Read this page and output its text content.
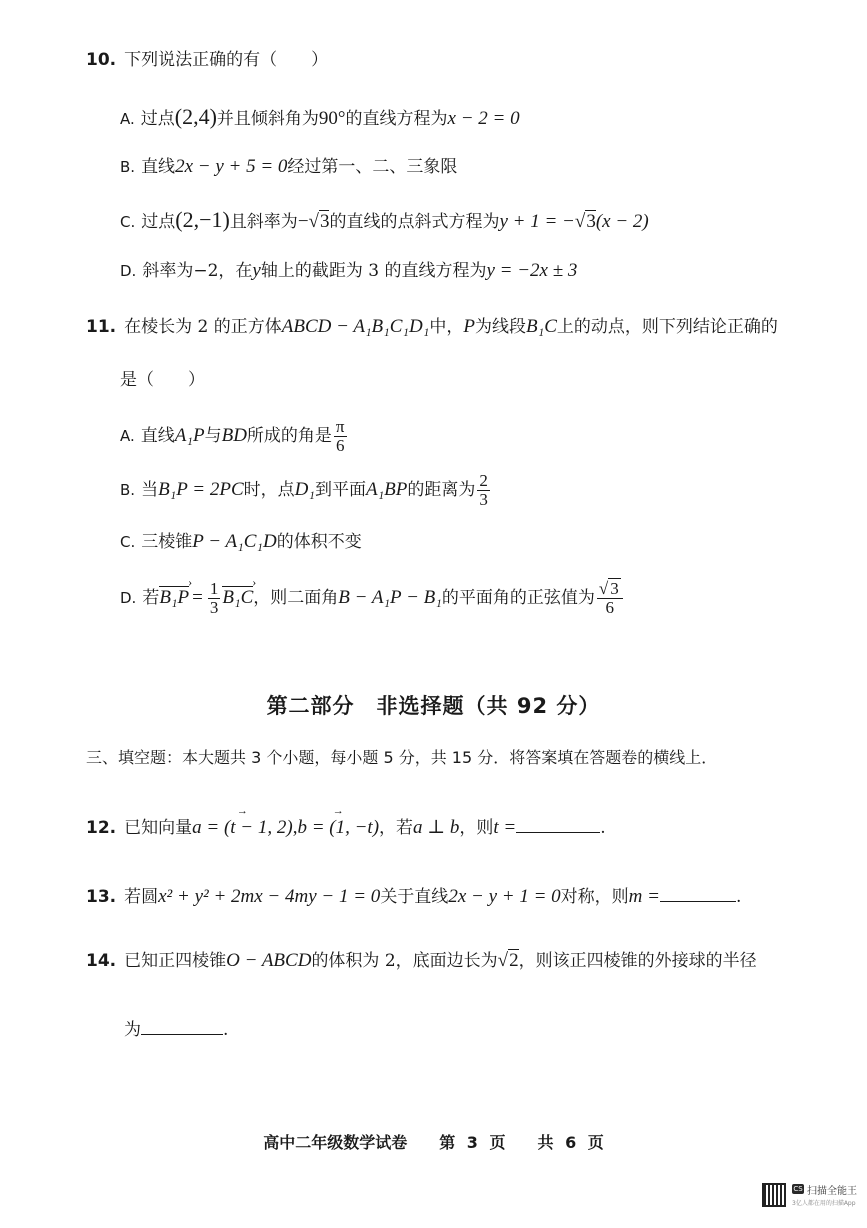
10. 下列说法正确的有（　　）
A. 过点(2,4)并且倾斜角为90°的直线方程为x − 2 = 0
B. 直线2x − y + 5 = 0经过第一、二、三象限
C. 过点(2,−1)且斜率为−√3的直线的点斜式方程为y + 1 = −√3(x − 2)
D. 斜率为−2，在y轴上的截距为 3 的直线方程为y = −2x ± 3
11. 在棱长为 2 的正方体ABCD − A₁B₁C₁D₁中，P为线段B₁C上的动点，则下列结论正确的
是（　　）
A. 直线A₁P与BD所成的角是 $\frac{\pi}{6}$
B. 当B₁P = 2PC时，点D₁到平面A₁BP的距离为 $\frac{2}{3}$
C. 三棱锥P − A₁C₁D的体积不变
D. 若B₁P › = $\frac{1}{3} B_1C$ ›，则二面角B − A₁P − B₁的平面角的正弦值为 $\frac{√ 3}{6}$
第二部分　非选择题（共 92 分）
三、填空题：本大题共 3 个小题，每小题 5 分，共 15 分．将答案填在答题卷的横线上．
12. 已知向量→ a = (t − 1, 2),→ b = (1, −t)，若a ⊥ b，则t =	.
13. 若圆x² + y² + 2mx − 4my − 1 = 0关于直线2x − y + 1 = 0对称，则m =	.
14. 已知正四棱锥O − ABCD的体积为 2，底面边长为√2，则该正四棱锥的外接球的半径
为	.
高中二年级数学试卷　　第 3 页　　共 6 页
CS 扫描全能王
3亿人都在用的扫描App
